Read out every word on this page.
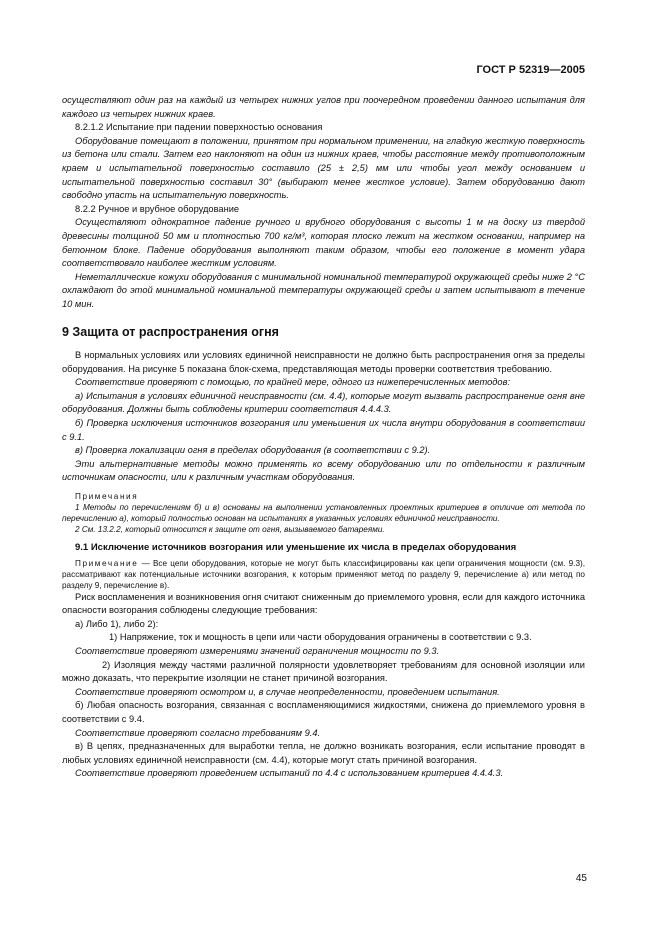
ГОСТ Р 52319—2005

осуществляют один раз на каждый из четырех нижних углов при поочередном проведении данного испытания для каждого из четырех нижних краев.

8.2.1.2 Испытание при падении поверхностью основания

Оборудование помещают в положении, принятом при нормальном применении, на гладкую жесткую поверхность из бетона или стали. Затем его наклоняют на один из нижних краев, чтобы расстояние между противоположным краем и испытательной поверхностью составило (25 ± 2,5) мм или чтобы угол между основанием и испытательной поверхностью составил 30° (выбирают менее жесткое условие). Затем оборудованию дают свободно упасть на испытательную поверхность.

8.2.2 Ручное и врубное оборудование

Осуществляют однократное падение ручного и врубного оборудования с высоты 1 м на доску из твердой древесины толщиной 50 мм и плотностью 700 кг/м³, которая плоско лежит на жестком основании, например на бетонном блоке. Падение оборудования выполняют таким образом, чтобы его положение в момент удара соответствовало наиболее жестким условиям.

Неметаллические кожухи оборудования с минимальной номинальной температурой окружающей среды ниже 2 °С охлаждают до этой минимальной номинальной температуры окружающей среды и затем испытывают в течение 10 мин.

9 Защита от распространения огня

В нормальных условиях или условиях единичной неисправности не должно быть распространения огня за пределы оборудования. На рисунке 5 показана блок-схема, представляющая методы проверки соответствия требованию.

Соответствие проверяют с помощью, по крайней мере, одного из нижеперечисленных методов:

а) Испытания в условиях единичной неисправности (см. 4.4), которые могут вызвать распространение огня вне оборудования. Должны быть соблюдены критерии соответствия 4.4.4.3.

б) Проверка исключения источников возгорания или уменьшения их числа внутри оборудования в соответствии с 9.1.

в) Проверка локализации огня в пределах оборудования (в соответствии с 9.2).

Эти альтернативные методы можно применять ко всему оборудованию или по отдельности к различным источникам опасности, или к различным участкам оборудования.

Примечания

1 Методы по перечислениям б) и в) основаны на выполнении установленных проектных критериев в отличие от метода по перечислению а), который полностью основан на испытаниях в указанных условиях единичной неисправности.

2 См. 13.2.2, который относится к защите от огня, вызываемого батареями.

9.1 Исключение источников возгорания или уменьшение их числа в пределах оборудования

Примечание — Все цепи оборудования, которые не могут быть классифицированы как цепи ограничения мощности (см. 9.3), рассматривают как потенциальные источники возгорания, к которым применяют метод по разделу 9, перечисление а) или метод по разделу 9, перечисление в).

Риск воспламенения и возникновения огня считают сниженным до приемлемого уровня, если для каждого источника опасности возгорания соблюдены следующие требования:

а) Либо 1), либо 2):

1) Напряжение, ток и мощность в цепи или части оборудования ограничены в соответствии с 9.3.

Соответствие проверяют измерениями значений ограничения мощности по 9.3.

2) Изоляция между частями различной полярности удовлетворяет требованиям для основной изоляции или можно доказать, что перекрытие изоляции не станет причиной возгорания.

Соответствие проверяют осмотром и, в случае неопределенности, проведением испытания.

б) Любая опасность возгорания, связанная с воспламеняющимися жидкостями, снижена до приемлемого уровня в соответствии с 9.4.

Соответствие проверяют согласно требованиям 9.4.

в) В цепях, предназначенных для выработки тепла, не должно возникать возгорания, если испытание проводят в любых условиях единичной неисправности (см. 4.4), которые могут стать причиной возгорания.

Соответствие проверяют проведением испытаний по 4.4 с использованием критериев 4.4.4.3.

45
